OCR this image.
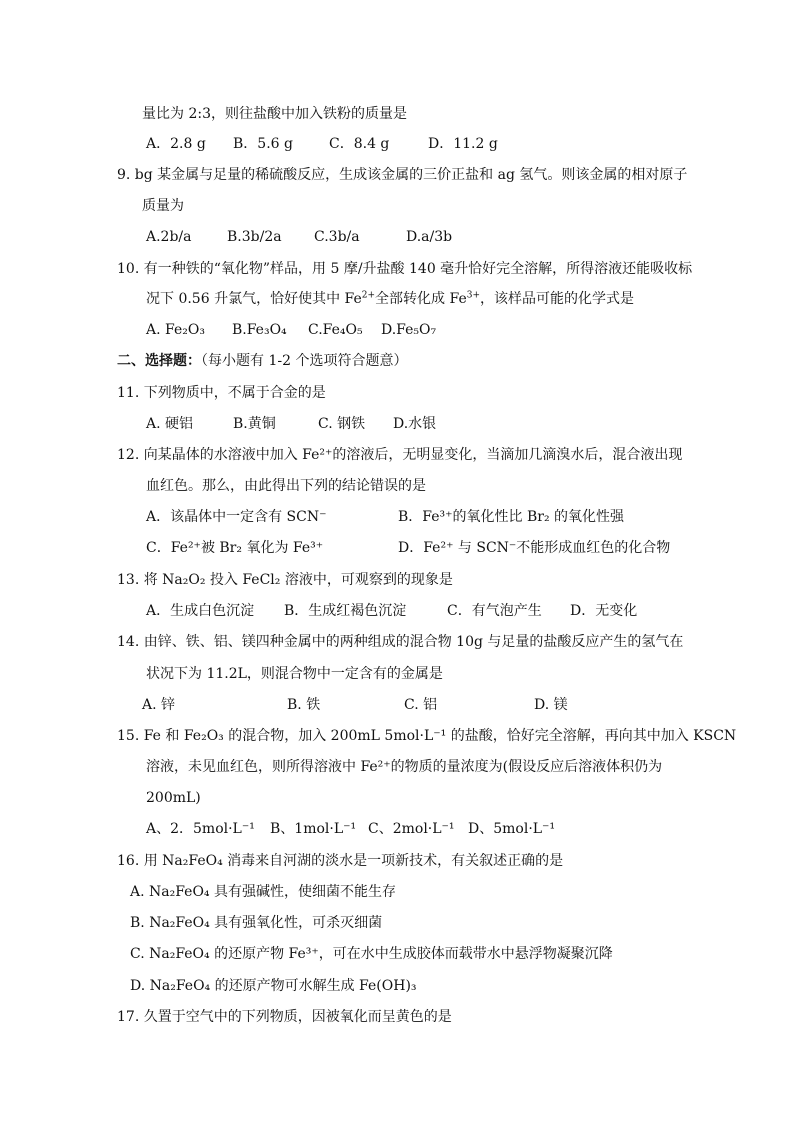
量比为 2:3，则往盐酸中加入铁粉的质量是
A．2.8 g B．5.6 g	C．8.4 g	D．11.2 g
9. bg 某金属与足量的稀硫酸反应，生成该金属的三价正盐和 ag 氢气。则该金属的相对原子
质量为
A.2b/a	B.3b/2a C.3b/a	D.a/3b
10. 有一种铁的“氧化物”样品，用 5 摩/升盐酸 140 毫升恰好完全溶解，所得溶液还能吸收标
况下 0.56 升氯气，恰好使其中 $Fe^{2+}$全部转化成 $Fe^{3+}$，该样品可能的化学式是
A. Fe₂O₃ B.Fe₃O₄ C.Fe₄O₅ D.Fe₅O₇
二、选择题：（每小题有 1-2 个选项符合题意）
11. 下列物质中，不属于合金的是
A. 硬铝	B.黄铜	C. 钢铁 D.水银
12. 向某晶体的水溶液中加入 Fe²⁺的溶液后，无明显变化，当滴加几滴溴水后，混合液出现
血红色。那么，由此得出下列的结论错误的是
A．该晶体中一定含有 SCN⁻	B．Fe³⁺的氧化性比 Br₂ 的氧化性强
C．Fe²⁺被 Br₂ 氧化为 Fe³⁺	D．Fe²⁺ 与 SCN⁻不能形成血红色的化合物
13. 将 Na₂O₂ 投入 FeCl₂ 溶液中，可观察到的现象是
A．生成白色沉淀 B．生成红褐色沉淀	C．有气泡产生 D．无变化
14. 由锌、铁、铝、镁四种金属中的两种组成的混合物 10g 与足量的盐酸反应产生的氢气在
状况下为 11.2L，则混合物中一定含有的金属是
A. 锌	B. 铁	C. 铝	D. 镁
15. Fe 和 Fe₂O₃ 的混合物，加入 200mL 5mol·L⁻¹ 的盐酸，恰好完全溶解，再向其中加入 KSCN
溶液，未见血红色，则所得溶液中 Fe²⁺的物质的量浓度为(假设反应后溶液体积仍为
200mL)
A、2．5mol·L⁻¹ B、1mol·L⁻¹ C、2mol·L⁻¹ D、5mol·L⁻¹
16. 用 Na₂FeO₄ 消毒来自河湖的淡水是一项新技术，有关叙述正确的是
A. Na₂FeO₄ 具有强碱性，使细菌不能生存
B. Na₂FeO₄ 具有强氧化性，可杀灭细菌
C. Na₂FeO₄ 的还原产物 Fe³⁺，可在水中生成胶体而载带水中悬浮物凝聚沉降
D. Na₂FeO₄ 的还原产物可水解生成 Fe(OH)₃
17. 久置于空气中的下列物质，因被氧化而呈黄色的是
